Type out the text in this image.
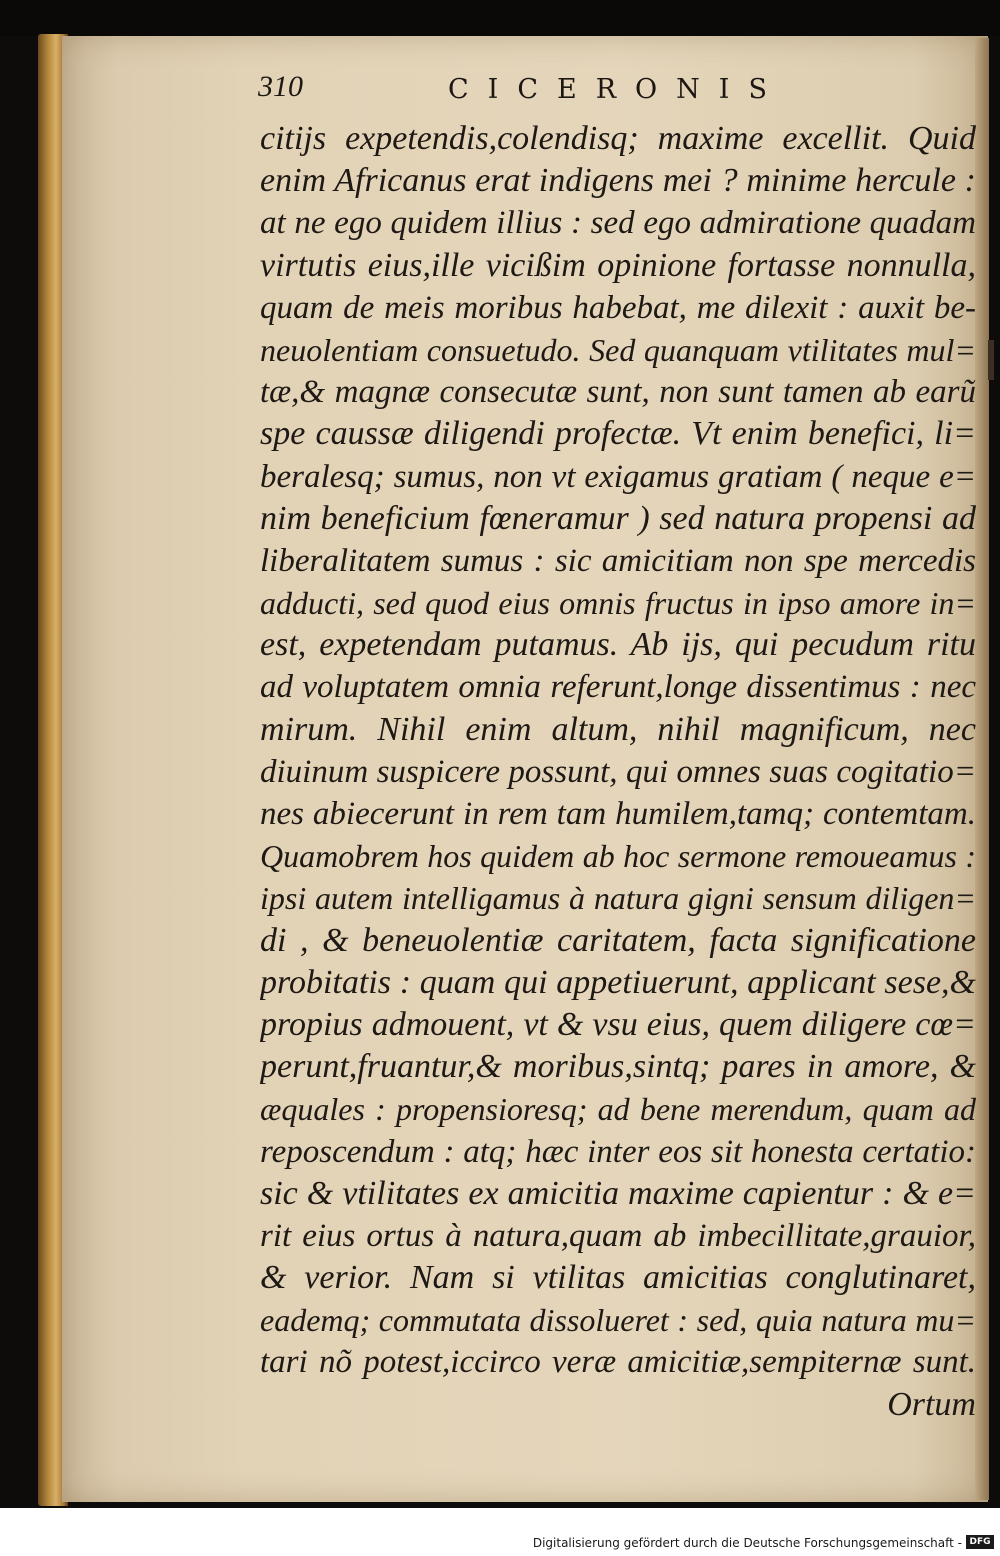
310	CICERONIS
citijs expetendis,colendisq; maxime excellit. Quid
enim Africanus erat indigens mei ? minime hercule :
at ne ego quidem illius : sed ego admiratione quadam
virtutis eius,ille vicißim opinione fortasse nonnulla,
quam de meis moribus habebat, me dilexit : auxit be-
neuolentiam consuetudo. Sed quanquam vtilitates mul=
tæ,& magnæ consecutæ sunt, non sunt tamen ab earũ
spe caussæ diligendi profectæ. Vt enim benefici, li=
beralesq; sumus, non vt exigamus gratiam ( neque e=
nim beneficium fœneramur ) sed natura propensi ad
liberalitatem sumus : sic amicitiam non spe mercedis
adducti, sed quod eius omnis fructus in ipso amore in=
est, expetendam putamus. Ab ijs, qui pecudum ritu
ad voluptatem omnia referunt,longe dissentimus : nec
mirum. Nihil enim altum, nihil magnificum, nec
diuinum suspicere possunt, qui omnes suas cogitatio=
nes abiecerunt in rem tam humilem,tamq; contemtam.
Quamobrem hos quidem ab hoc sermone remoueamus :
ipsi autem intelligamus à natura gigni sensum diligen=
di , & beneuolentiæ caritatem, facta significatione
probitatis : quam qui appetiuerunt, applicant sese,&
propius admouent, vt & vsu eius, quem diligere cœ=
perunt,fruantur,& moribus,sintq; pares in amore, &
æquales : propensioresq; ad bene merendum, quam ad
reposcendum : atq; hæc inter eos sit honesta certatio:
sic & vtilitates ex amicitia maxime capientur : & e=
rit eius ortus à natura,quam ab imbecillitate,grauior,
& verior. Nam si vtilitas amicitias conglutinaret,
eademq; commutata dissolueret : sed, quia natura mu=
tari nõ potest,iccirco veræ amicitiæ,sempiternæ sunt.
Ortum
Digitalisierung gefördert durch die Deutsche Forschungsgemeinschaft - DFG
